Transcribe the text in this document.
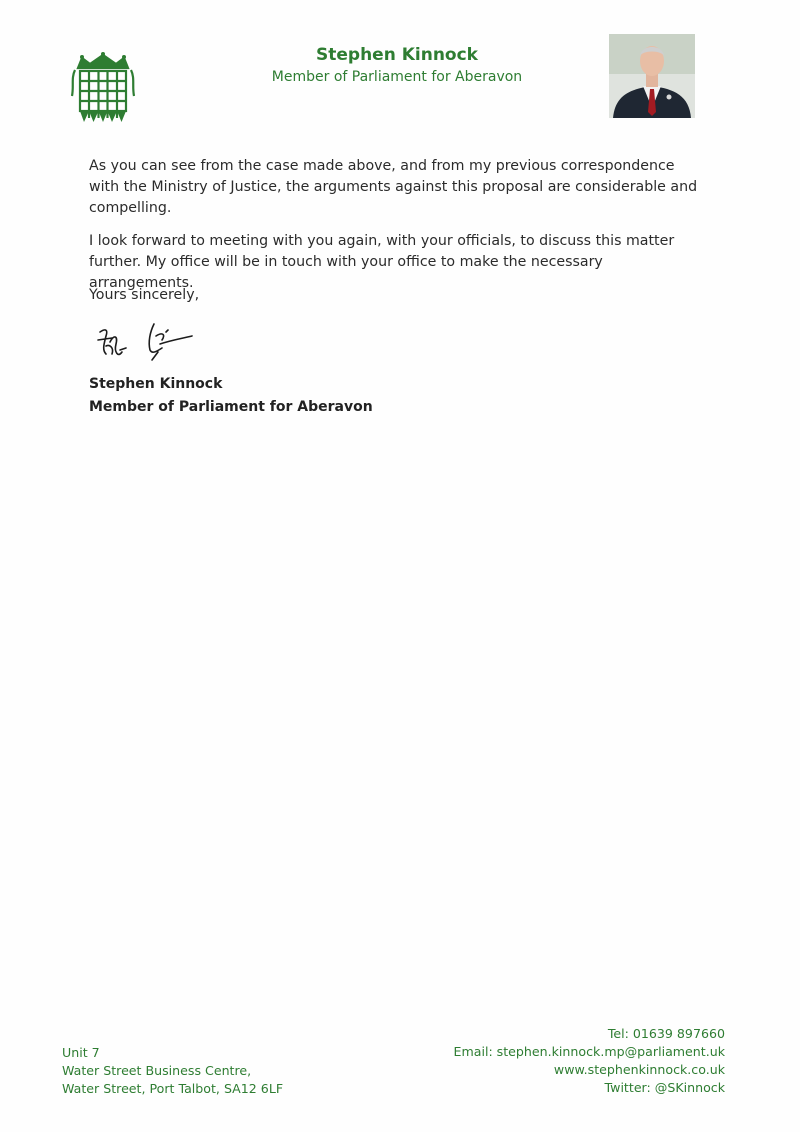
Stephen Kinnock
Member of Parliament for Aberavon

As you can see from the case made above, and from my previous correspondence with the Ministry of Justice, the arguments against this proposal are considerable and compelling.

I look forward to meeting with you again, with your officials, to discuss this matter further. My office will be in touch with your office to make the necessary arrangements.

Yours sincerely,
Stephen Kinnock
Member of Parliament for Aberavon
Unit 7
Water Street Business Centre,
Water Street, Port Talbot, SA12 6LF
Tel: 01639 897660
Email: stephen.kinnock.mp@parliament.uk
www.stephenkinnock.co.uk
Twitter: @SKinnock
